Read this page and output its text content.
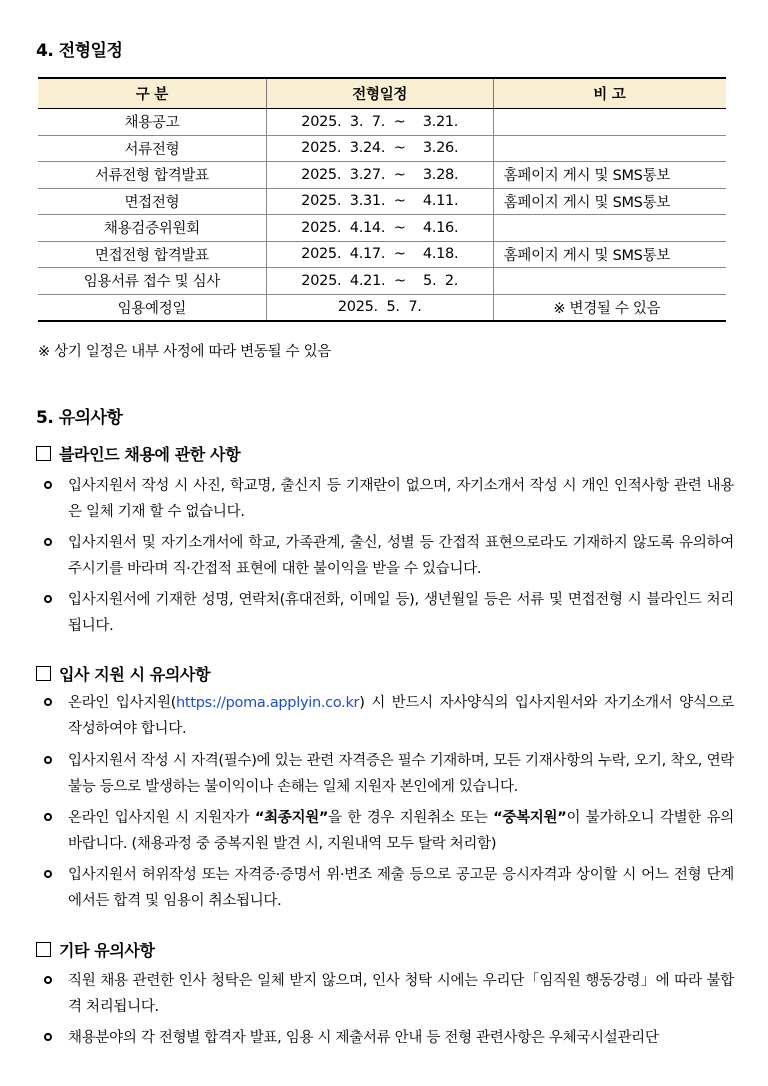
4. 전형일정
구 분	전형일정	비 고
채용공고	2025.  3.  7.  ~    3.21.	
서류전형	2025.  3.24.  ~    3.26.	
서류전형 합격발표	2025.  3.27.  ~    3.28.	홈페이지 게시 및 SMS통보
면접전형	2025.  3.31.  ~    4.11.	홈페이지 게시 및 SMS통보
채용검증위원회	2025.  4.14.  ~    4.16.	
면접전형 합격발표	2025.  4.17.  ~    4.18.	홈페이지 게시 및 SMS통보
임용서류 접수 및 심사	2025.  4.21.  ~    5.  2.	
임용예정일	2025.  5.  7.	※ 변경될 수 있음
※ 상기 일정은 내부 사정에 따라 변동될 수 있음
5. 유의사항
블라인드 채용에 관한 사항
입사지원서 작성 시 사진, 학교명, 출신지 등 기재란이 없으며, 자기소개서 작성 시 개인 인적사항 관련 내용은 일체 기재 할 수 없습니다.
입사지원서 및 자기소개서에 학교, 가족관계, 출신, 성별 등 간접적 표현으로라도 기재하지 않도록 유의하여 주시기를 바라며 직·간접적 표현에 대한 불이익을 받을 수 있습니다.
입사지원서에 기재한 성명, 연락처(휴대전화, 이메일 등), 생년월일 등은 서류 및 면접전형 시 블라인드 처리됩니다.
입사 지원 시 유의사항
온라인 입사지원(https://poma.applyin.co.kr) 시 반드시 자사양식의 입사지원서와 자기소개서 양식으로 작성하여야 합니다.
입사지원서 작성 시 자격(필수)에 있는 관련 자격증은 필수 기재하며, 모든 기재사항의 누락, 오기, 착오, 연락 불능 등으로 발생하는 불이익이나 손해는 일체 지원자 본인에게 있습니다.
온라인 입사지원 시 지원자가 “최종지원”을 한 경우 지원취소 또는 “중복지원”이 불가하오니 각별한 유의 바랍니다. (채용과정 중 중복지원 발견 시, 지원내역 모두 탈락 처리함)
입사지원서 허위작성 또는 자격증·증명서 위·변조 제출 등으로 공고문 응시자격과 상이할 시 어느 전형 단계에서든 합격 및 임용이 취소됩니다.
기타 유의사항
직원 채용 관련한 인사 청탁은 일체 받지 않으며, 인사 청탁 시에는 우리단「임직원 행동강령」에 따라 불합격 처리됩니다.
채용분야의 각 전형별 합격자 발표, 임용 시 제출서류 안내 등 전형 관련사항은 우체국시설관리단
